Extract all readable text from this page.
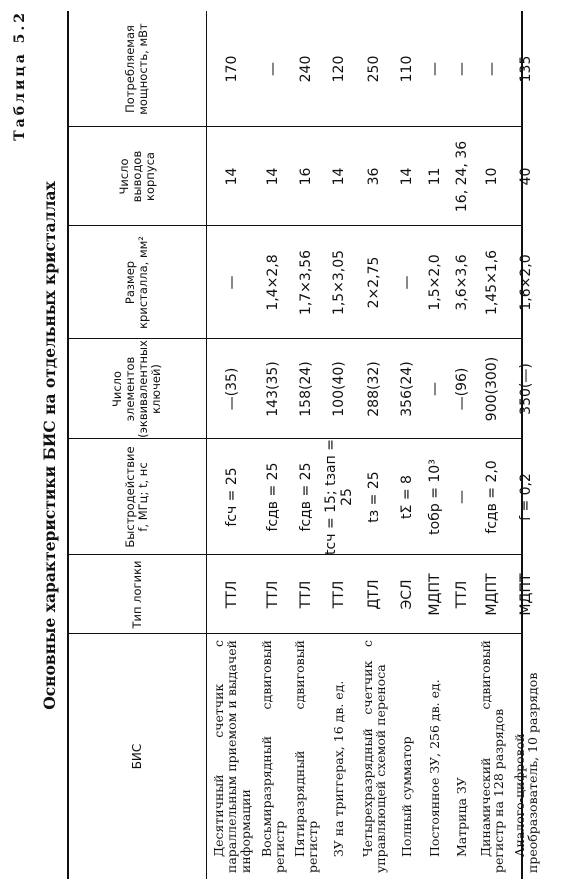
Таблица 5.2
Основные характеристики БИС на отдельных кристаллах
БИС
Тип логики
Быстродействие f, МГц; t, нс
Число элементов (эквивалентных ключей)
Размер кристалла, мм²
Число выводов корпуса
Потребляемая мощность, мВт
Десятичный счетчик с параллельным приемом и выдачей информации
ТТЛ
fсч = 25
—(35)
—
14
170
Восьмиразрядный сдвиговый регистр
ТТЛ
fсдв = 25
143(35)
1,4×2,8
14
—
Пятиразрядный сдвиговый регистр
ТТЛ
fсдв = 25
158(24)
1,7×3,56
16
240
ЗУ на триггерах, 16 дв. ед.
ТТЛ
tсч = 15; tзап = 25
100(40)
1,5×3,05
14
120
Четырехразрядный счетчик с управляющей схемой переноса
ДТЛ
tз = 25
288(32)
2×2,75
36
250
Полный сумматор
ЭСЛ
tΣ = 8
356(24)
—
14
110
Постоянное ЗУ, 256 дв. ед.
МДПТ
tобр = 10³
—
1,5×2,0
11
—
Матрица ЗУ
ТТЛ
—
—(96)
3,6×3,6
16, 24, 36
—
Динамический сдвиговый регистр на 128 разрядов
МДПТ
fсдв = 2,0
900(300)
1,45×1,6
10
—
Аналого-цифровой преобразователь, 10 разрядов
МДПТ
f = 0,2
350(—)
1,6×2,0
40
135
